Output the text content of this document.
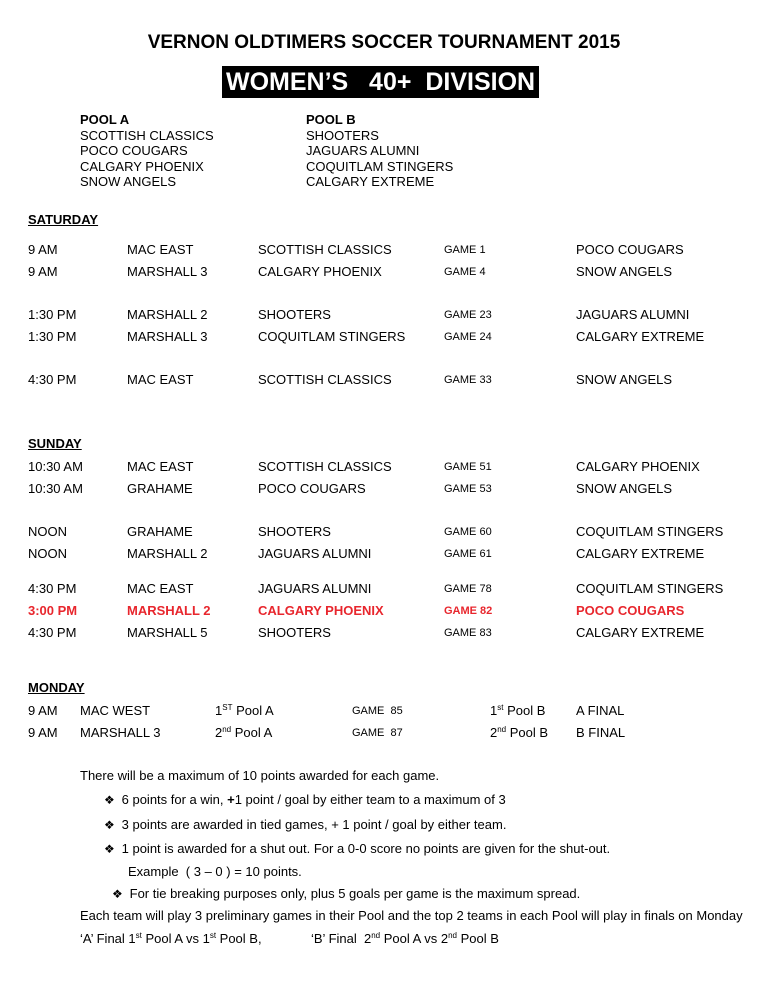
VERNON OLDTIMERS SOCCER TOURNAMENT 2015
WOMEN’S   40+  DIVISION
POOL A
SCOTTISH CLASSICS
POCO COUGARS
CALGARY PHOENIX
SNOW ANGELS
POOL B
SHOOTERS
JAGUARS ALUMNI
COQUITLAM STINGERS
CALGARY EXTREME
SATURDAY
9 AM	MAC EAST	SCOTTISH CLASSICS	GAME 1	POCO COUGARS
9 AM	MARSHALL 3	CALGARY PHOENIX	GAME 4	SNOW ANGELS
1:30 PM	MARSHALL 2	SHOOTERS	GAME 23	JAGUARS ALUMNI
1:30 PM	MARSHALL 3	COQUITLAM STINGERS	GAME 24	CALGARY EXTREME
4:30 PM	MAC EAST	SCOTTISH CLASSICS	GAME 33	SNOW ANGELS
SUNDAY
10:30 AM	MAC EAST	SCOTTISH CLASSICS	GAME 51	CALGARY PHOENIX
10:30 AM	GRAHAME	POCO COUGARS	GAME 53	SNOW ANGELS
NOON	GRAHAME	SHOOTERS	GAME 60	COQUITLAM STINGERS
NOON	MARSHALL 2	JAGUARS ALUMNI	GAME 61	CALGARY EXTREME
4:30 PM	MAC EAST	JAGUARS ALUMNI	GAME 78	COQUITLAM STINGERS
3:00 PM	MARSHALL 2	CALGARY PHOENIX	GAME 82	POCO COUGARS
4:30 PM	MARSHALL 5	SHOOTERS	GAME 83	CALGARY EXTREME
MONDAY
9 AM MAC WEST	1ST Pool A	GAME  85	1st Pool B A FINAL
9 AM MARSHALL 3	2nd Pool A	GAME  87	2nd Pool B B FINAL
There will be a maximum of 10 points awarded for each game.
❖ 6 points for a win, +1 point / goal by either team to a maximum of 3
❖ 3 points are awarded in tied games, + 1 point / goal by either team.
❖ 1 point is awarded for a shut out. For a 0-0 score no points are given for the shut-out.
Example  ( 3 – 0 ) = 10 points.
❖ For tie breaking purposes only, plus 5 goals per game is the maximum spread.
Each team will play 3 preliminary games in their Pool and the top 2 teams in each Pool will play in finals on Monday
‘A’ Final 1st Pool A vs 1st Pool B,	‘B’ Final  2nd Pool A vs 2nd Pool B
